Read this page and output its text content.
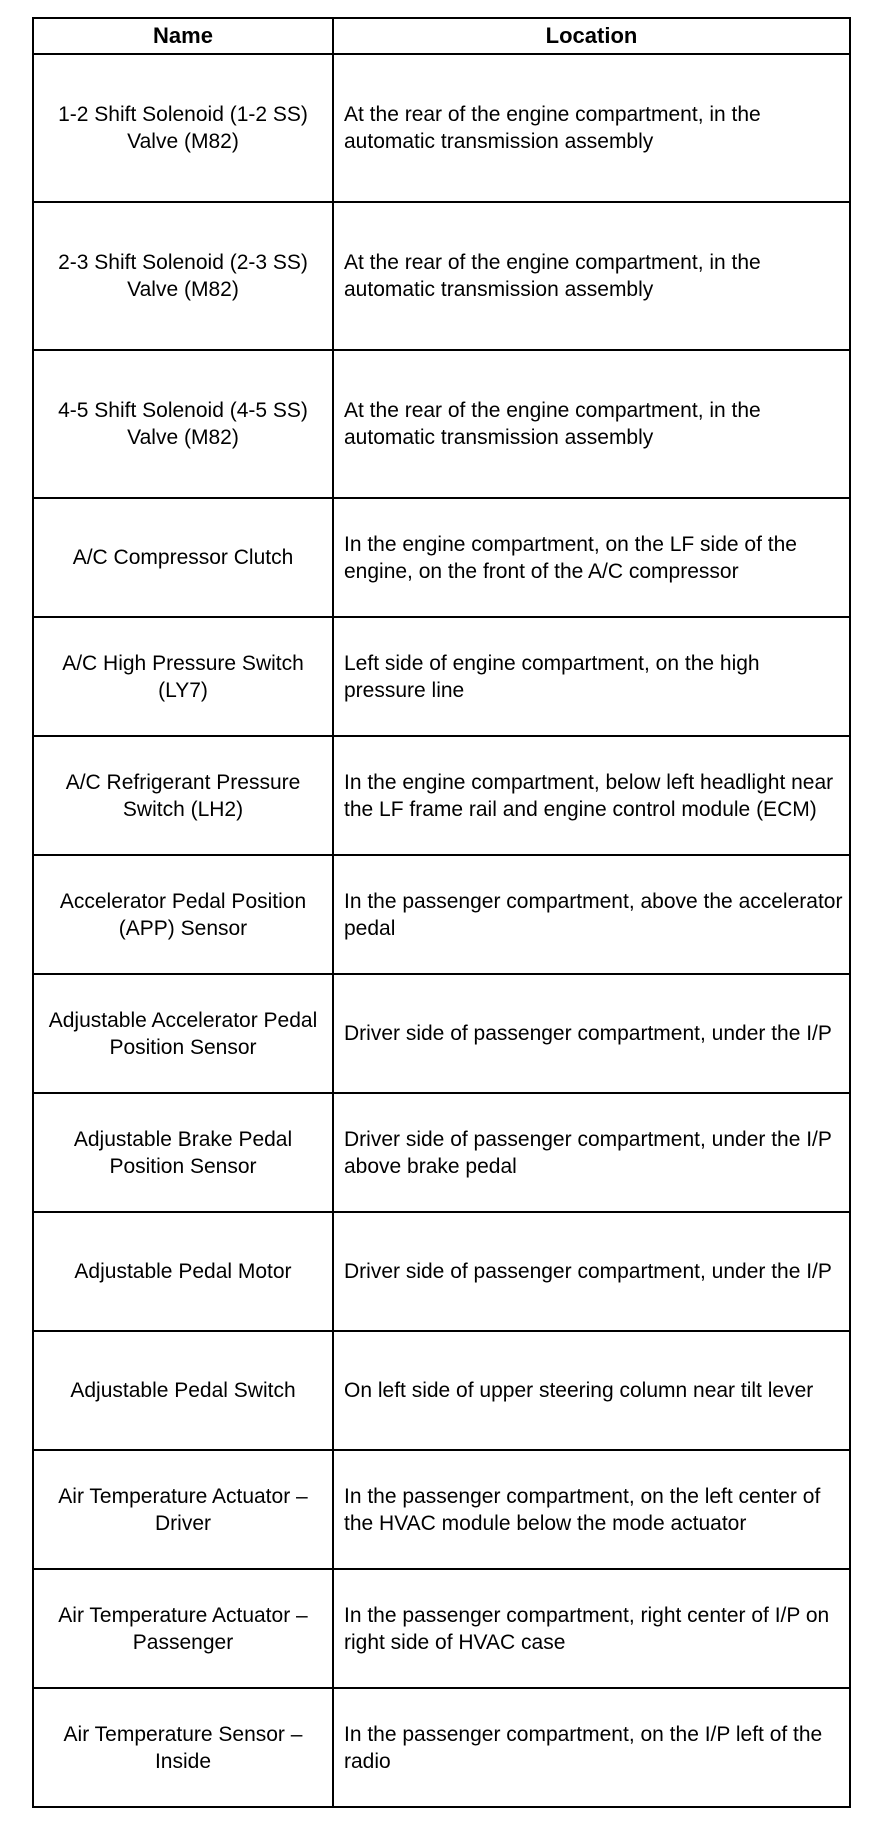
Name	Location
1-2 Shift Solenoid (1-2 SS) Valve (M82)	At the rear of the engine compartment, in the automatic transmission assembly
2-3 Shift Solenoid (2-3 SS) Valve (M82)	At the rear of the engine compartment, in the automatic transmission assembly
4-5 Shift Solenoid (4-5 SS) Valve (M82)	At the rear of the engine compartment, in the automatic transmission assembly
A/C Compressor Clutch	In the engine compartment, on the LF side of the engine, on the front of the A/C compressor
A/C High Pressure Switch (LY7)	Left side of engine compartment, on the high pressure line
A/C Refrigerant Pressure Switch (LH2)	In the engine compartment, below left headlight near the LF frame rail and engine control module (ECM)
Accelerator Pedal Position (APP) Sensor	In the passenger compartment, above the accelerator pedal
Adjustable Accelerator Pedal Position Sensor	Driver side of passenger compartment, under the I/P
Adjustable Brake Pedal Position Sensor	Driver side of passenger compartment, under the I/P above brake pedal
Adjustable Pedal Motor	Driver side of passenger compartment, under the I/P
Adjustable Pedal Switch	On left side of upper steering column near tilt lever
Air Temperature Actuator – Driver	In the passenger compartment, on the left center of the HVAC module below the mode actuator
Air Temperature Actuator – Passenger	In the passenger compartment, right center of I/P on right side of HVAC case
Air Temperature Sensor – Inside	In the passenger compartment, on the I/P left of the radio
